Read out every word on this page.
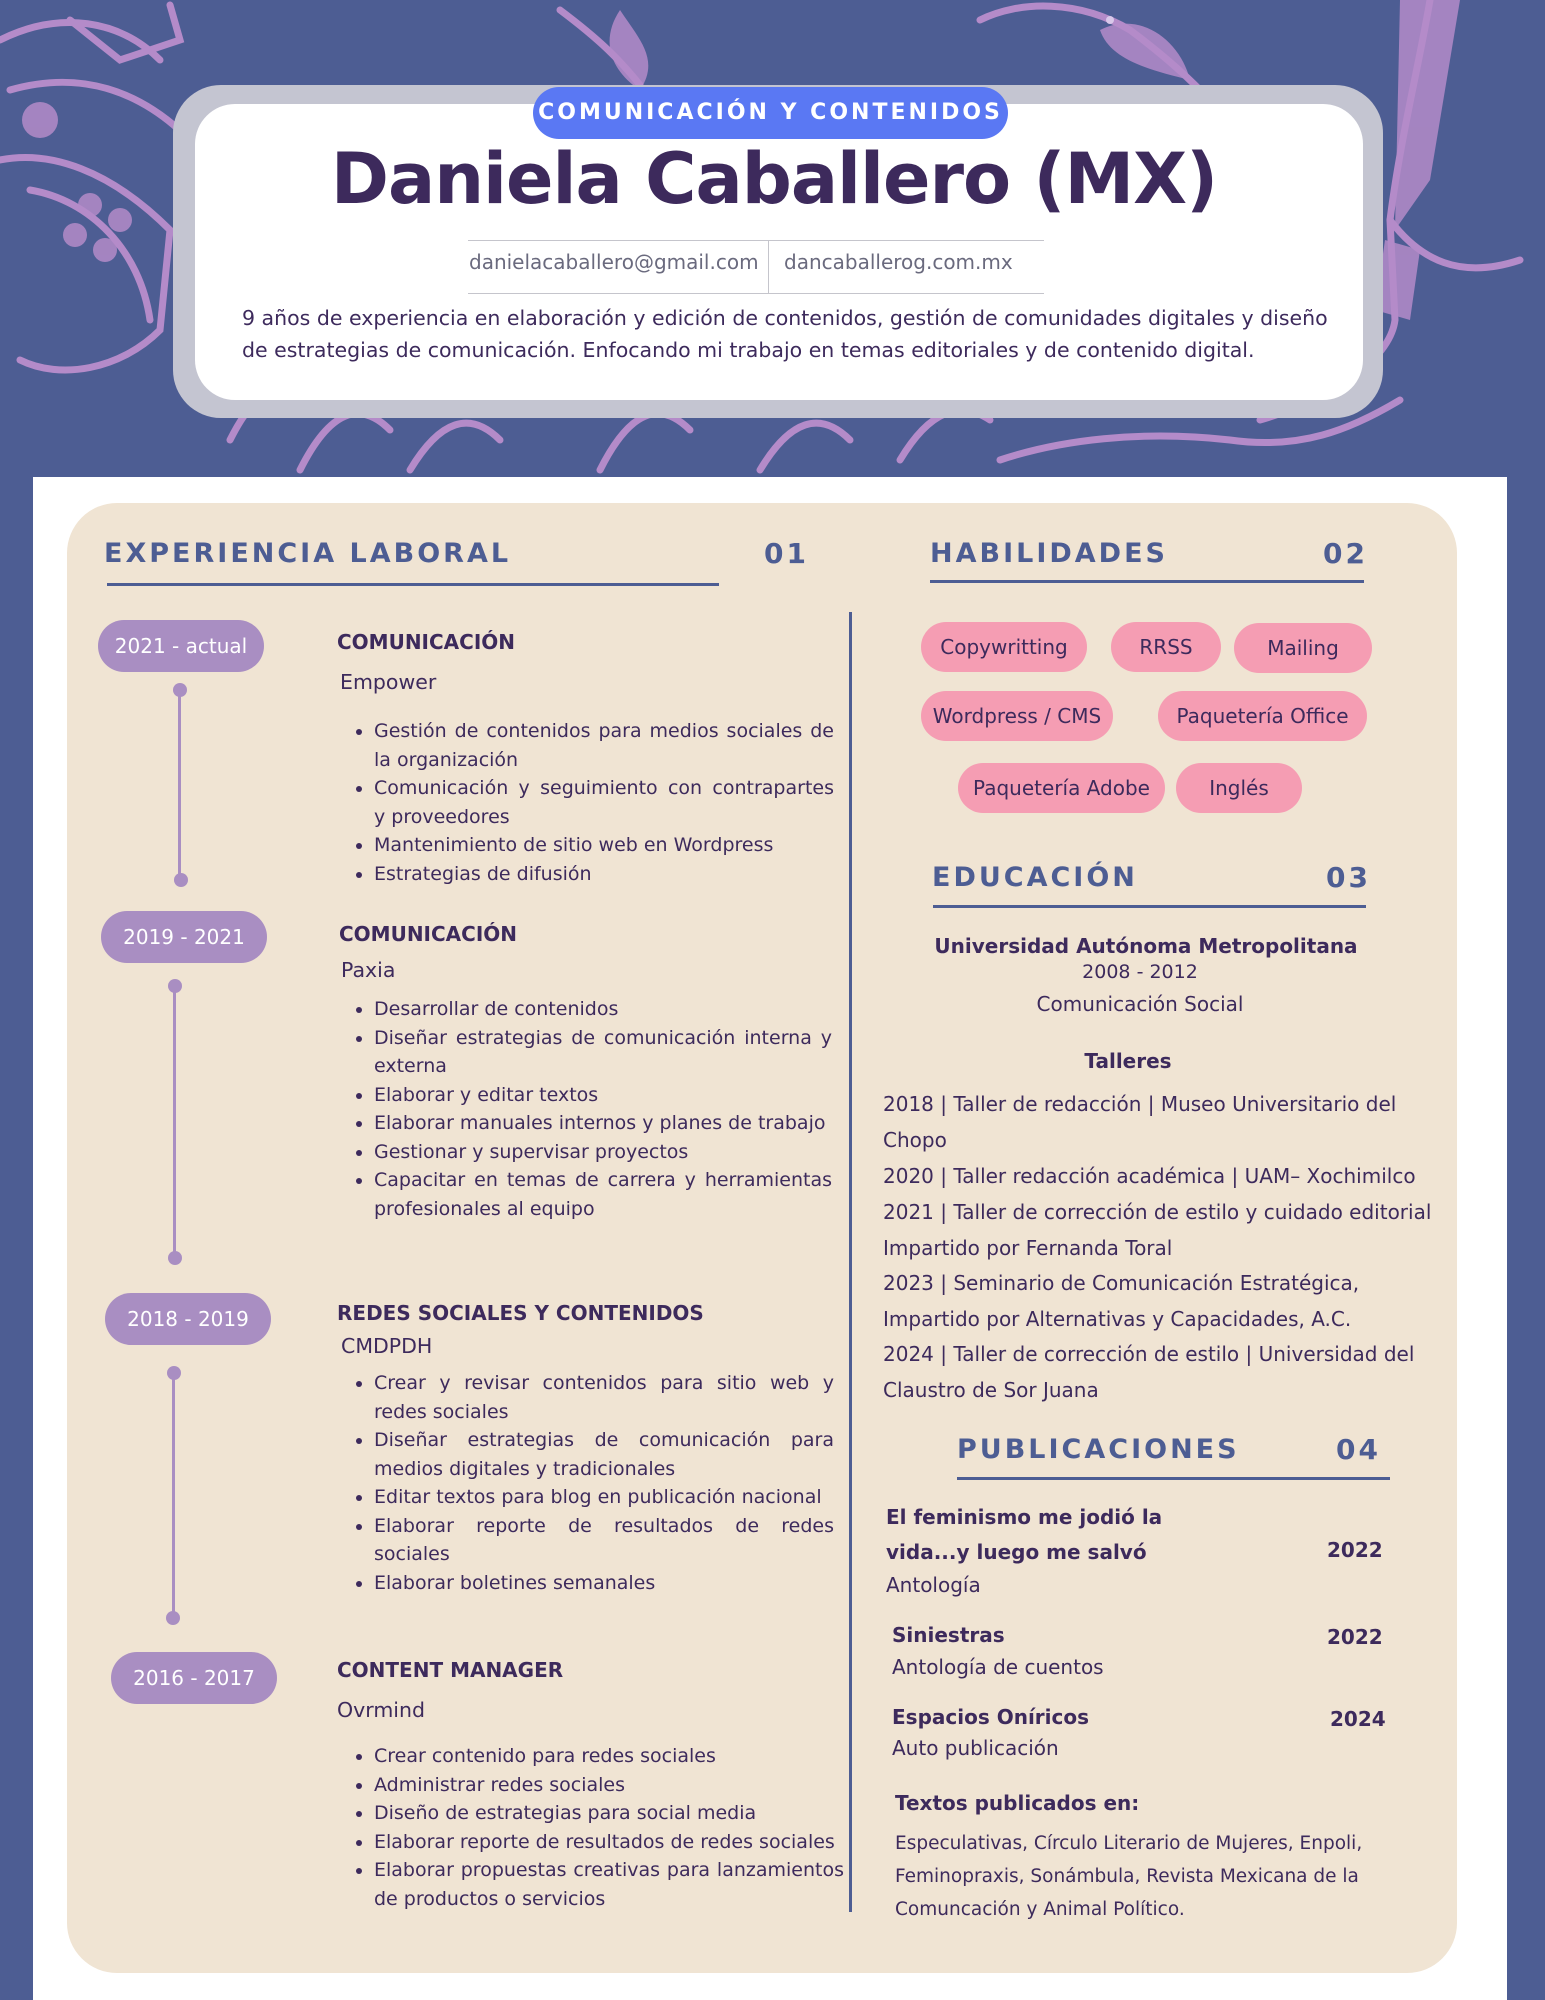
COMUNICACIÓN Y CONTENIDOS
Daniela Caballero (MX)
danielacaballero@gmail.com dancaballerog.com.mx
9 años de experiencia en elaboración y edición de contenidos, gestión de comunidades digitales y diseño de estrategias de comunicación. Enfocando mi trabajo en temas editoriales y de contenido digital.
EXPERIENCIA LABORAL	01
2021 - actual	COMUNICACIÓN
Empower
• Gestión de contenidos para medios sociales de la organización
• Comunicación y seguimiento con contrapartes y proveedores
• Mantenimiento de sitio web en Wordpress
• Estrategias de difusión
2019 - 2021	COMUNICACIÓN
Paxia
• Desarrollar de contenidos
• Diseñar estrategias de comunicación interna y externa
• Elaborar y editar textos
• Elaborar manuales internos y planes de trabajo
• Gestionar y supervisar proyectos
• Capacitar en temas de carrera y herramientas profesionales al equipo
2018 - 2019	REDES SOCIALES Y CONTENIDOS
CMDPDH
• Crear y revisar contenidos para sitio web y redes sociales
• Diseñar estrategias de comunicación para medios digitales y tradicionales
• Editar textos para blog en publicación nacional
• Elaborar reporte de resultados de redes sociales
• Elaborar boletines semanales
2016 - 2017	CONTENT MANAGER
Ovrmind
• Crear contenido para redes sociales
• Administrar redes sociales
• Diseño de estrategias para social media
• Elaborar reporte de resultados de redes sociales
• Elaborar propuestas creativas para lanzamientos de productos o servicios
HABILIDADES	02
Copywritting	RRSS	Mailing
Wordpress / CMS	Paquetería Office
Paquetería Adobe	Inglés
EDUCACIÓN	03
Universidad Autónoma Metropolitana
2008 - 2012
Comunicación Social
Talleres
2018 | Taller de redacción | Museo Universitario del Chopo
2020 | Taller redacción académica | UAM– Xochimilco
2021 | Taller de corrección de estilo y cuidado editorial Impartido por Fernanda Toral
2023 | Seminario de Comunicación Estratégica, Impartido por Alternativas y Capacidades, A.C.
2024 | Taller de corrección de estilo | Universidad del Claustro de Sor Juana
PUBLICACIONES	04
El feminismo me jodió la
vida...y luego me salvó	2022
Antología
Siniestras	2022
Antología de cuentos
Espacios Oníricos	2024
Auto publicación
Textos publicados en:
Especulativas, Círculo Literario de Mujeres, Enpoli,
Feminopraxis, Sonámbula, Revista Mexicana de la
Comuncación y Animal Político.
